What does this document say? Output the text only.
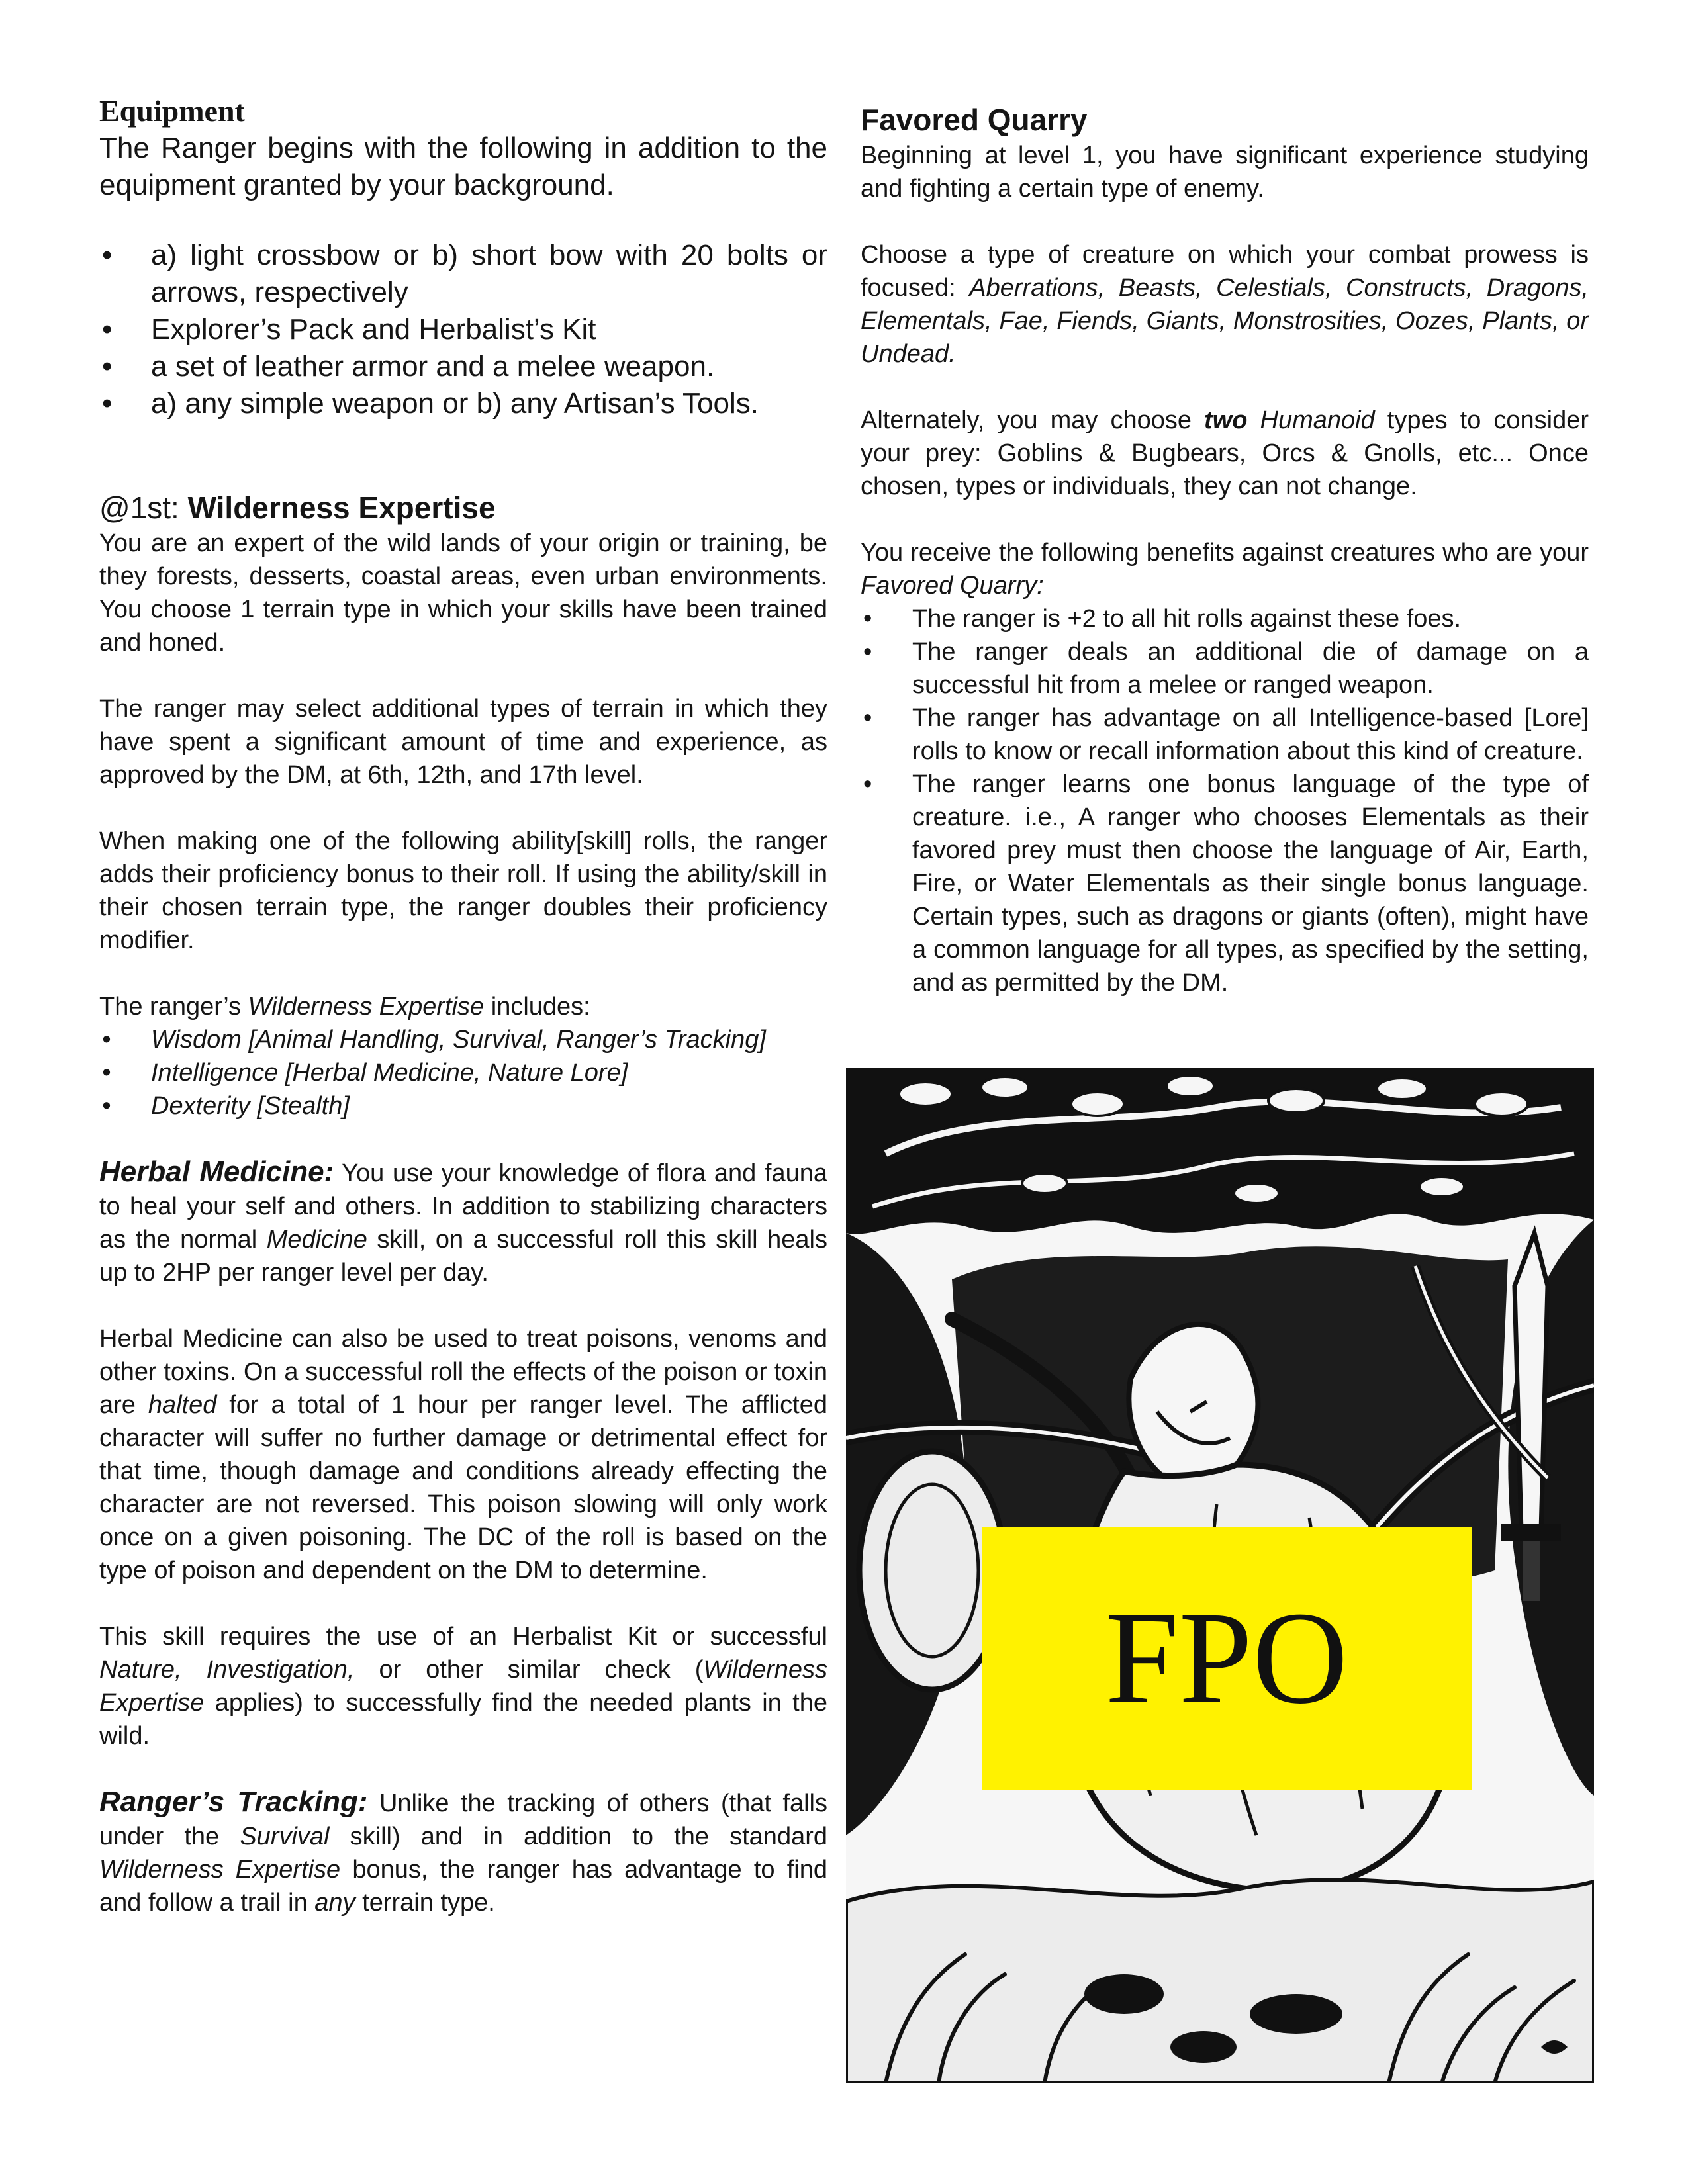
Equipment

The Ranger begins with the following in addition to the equipment granted by your background.

• a) light crossbow or b) short bow with 20 bolts or arrows, respectively
• Explorer’s Pack and Herbalist’s Kit
• a set of leather armor and a melee weapon.
• a) any simple weapon or b) any Artisan’s Tools.
@1st: Wilderness Expertise

You are an expert of the wild lands of your origin or training, be they forests, desserts, coastal areas, even urban environments. You choose 1 terrain type in which your skills have been trained and honed.

The ranger may select additional types of terrain in which they have spent a significant amount of time and experience, as approved by the DM, at 6th, 12th, and 17th level.

When making one of the following ability[skill] rolls, the ranger adds their proficiency bonus to their roll. If using the ability/skill in their chosen terrain type, the ranger doubles their proficiency modifier.

The ranger’s Wilderness Expertise includes:

• Wisdom [Animal Handling, Survival, Ranger’s Tracking]
• Intelligence [Herbal Medicine, Nature Lore]
• Dexterity [Stealth]

Herbal Medicine: You use your knowledge of flora and fauna to heal your self and others. In addition to stabilizing characters as the normal Medicine skill, on a successful roll this skill heals up to 2HP per ranger level per day.

Herbal Medicine can also be used to treat poisons, venoms and other toxins. On a successful roll the effects of the poison or toxin are halted for a total of 1 hour per ranger level. The afflicted character will suffer no further damage or detrimental effect for that time, though damage and conditions already effecting the character are not reversed. This poison slowing will only work once on a given poisoning. The DC of the roll is based on the type of poison and dependent on the DM to determine.

This skill requires the use of an Herbalist Kit or successful Nature, Investigation, or other similar check (Wilderness Expertise applies) to successfully find the needed plants in the wild.

Ranger’s Tracking: Unlike the tracking of others (that falls under the Survival skill) and in addition to the standard Wilderness Expertise bonus, the ranger has advantage to find and follow a trail in any terrain type.

Favored Quarry

Beginning at level 1, you have significant experience studying and fighting a certain type of enemy.

Choose a type of creature on which your combat prowess is focused: Aberrations, Beasts, Celestials, Constructs, Dragons, Elementals, Fae, Fiends, Giants, Monstrosities, Oozes, Plants, or Undead.

Alternately, you may choose two Humanoid types to consider your prey: Goblins & Bugbears, Orcs & Gnolls, etc... Once chosen, types or individuals, they can not change.

You receive the following benefits against creatures who are your Favored Quarry:

• The ranger is +2 to all hit rolls against these foes.
• The ranger deals an additional die of damage on a successful hit from a melee or ranged weapon.
• The ranger has advantage on all Intelligence-based [Lore] rolls to know or recall information about this kind of creature.
• The ranger learns one bonus language of the type of creature. i.e., A ranger who chooses Elementals as their favored prey must then choose the language of Air, Earth, Fire, or Water Elementals as their single bonus language. Certain types, such as dragons or giants (often), might have a common language for all types, as specified by the setting, and as permitted by the DM.
FPO
